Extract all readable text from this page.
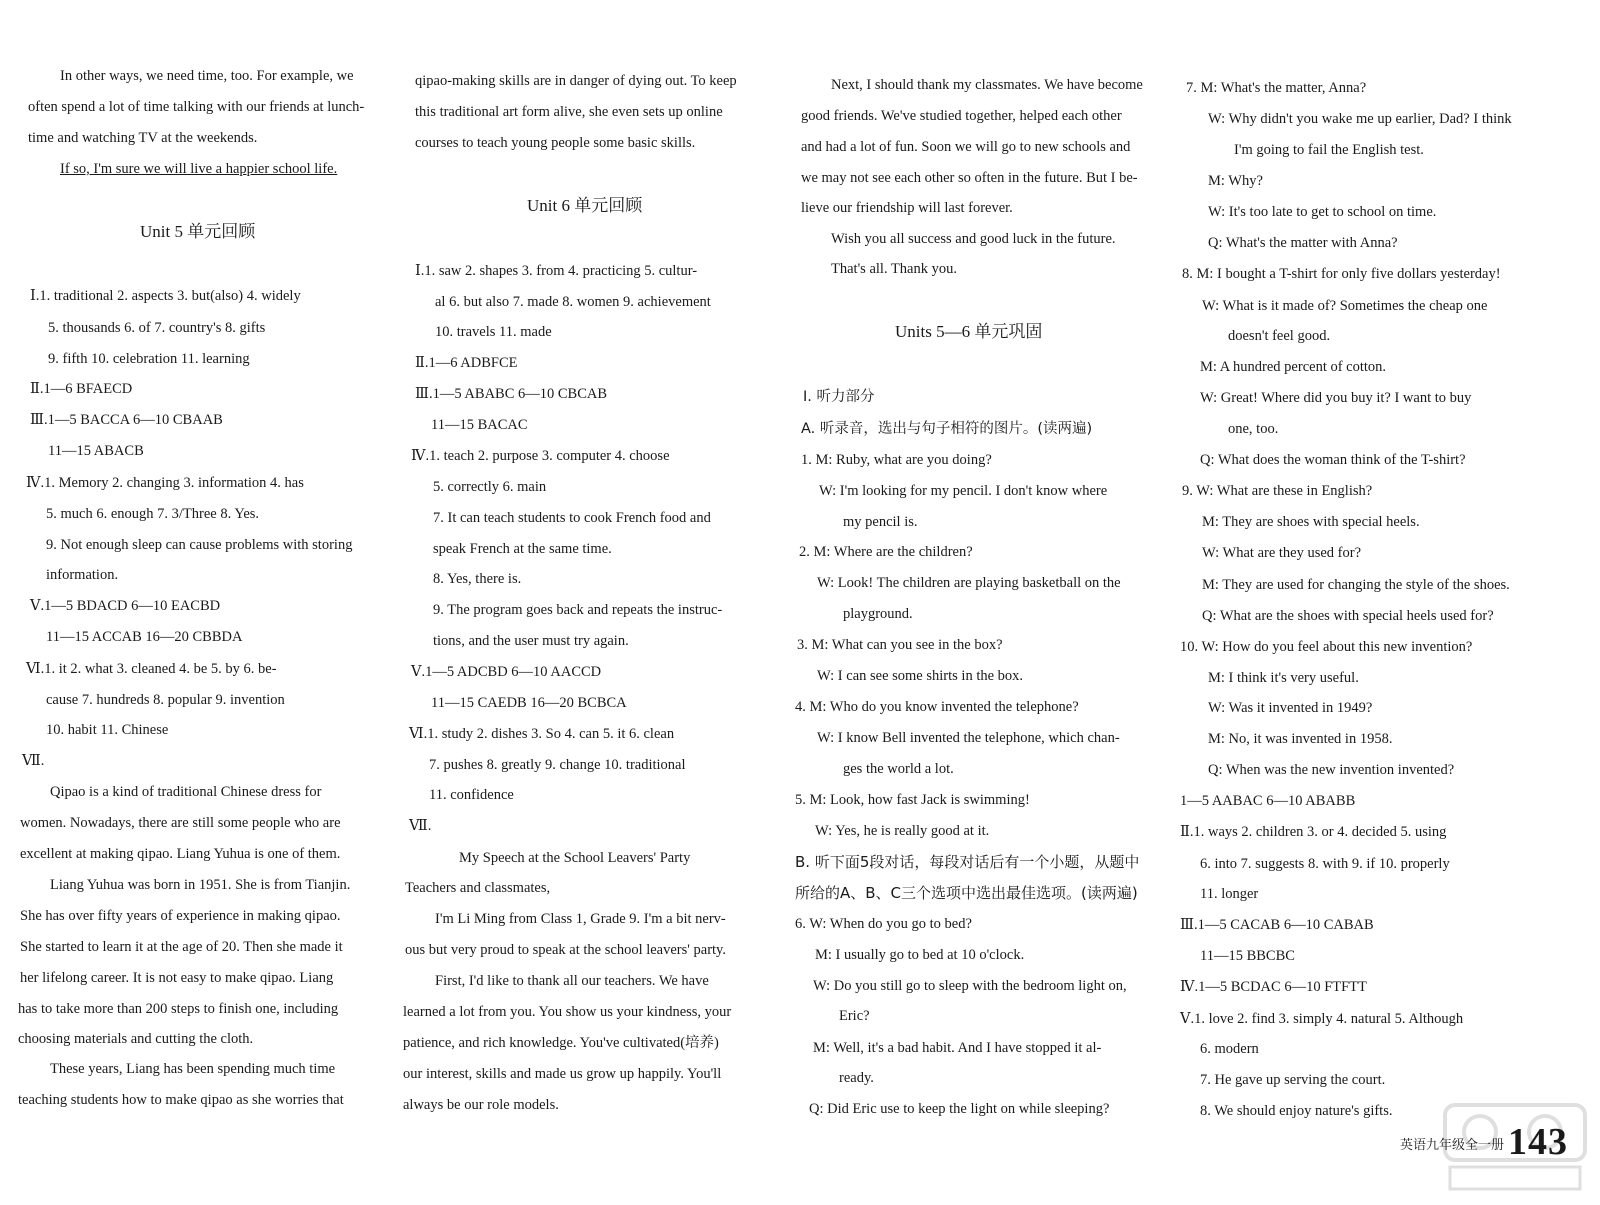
In other ways, we need time, too. For example, we
often spend a lot of time talking with our friends at lunch-
time and watching TV at the weekends.
If so, I'm sure we will live a happier school life.
Unit 5 单元回顾
Ⅰ.1. traditional 2. aspects 3. but(also) 4. widely
5. thousands 6. of 7. country's 8. gifts
9. fifth 10. celebration 11. learning
Ⅱ.1—6 BFAECD
Ⅲ.1—5 BACCA 6—10 CBAAB
11—15 ABACB
Ⅳ.1. Memory 2. changing 3. information 4. has
5. much 6. enough 7. 3/Three 8. Yes.
9. Not enough sleep can cause problems with storing
information.
Ⅴ.1—5 BDACD 6—10 EACBD
11—15 ACCAB 16—20 CBBDA
Ⅵ.1. it 2. what 3. cleaned 4. be 5. by 6. be-
cause 7. hundreds 8. popular 9. invention
10. habit 11. Chinese
Ⅶ.
Qipao is a kind of traditional Chinese dress for
women. Nowadays, there are still some people who are
excellent at making qipao. Liang Yuhua is one of them.
Liang Yuhua was born in 1951. She is from Tianjin.
She has over fifty years of experience in making qipao.
She started to learn it at the age of 20. Then she made it
her lifelong career. It is not easy to make qipao. Liang
has to take more than 200 steps to finish one, including
choosing materials and cutting the cloth.
These years, Liang has been spending much time
teaching students how to make qipao as she worries that
qipao-making skills are in danger of dying out. To keep
this traditional art form alive, she even sets up online
courses to teach young people some basic skills.
Unit 6 单元回顾
Ⅰ.1. saw 2. shapes 3. from 4. practicing 5. cultur-
al 6. but also 7. made 8. women 9. achievement
10. travels 11. made
Ⅱ.1—6 ADBFCE
Ⅲ.1—5 ABABC 6—10 CBCAB
11—15 BACAC
Ⅳ.1. teach 2. purpose 3. computer 4. choose
5. correctly 6. main
7. It can teach students to cook French food and
speak French at the same time.
8. Yes, there is.
9. The program goes back and repeats the instruc-
tions, and the user must try again.
Ⅴ.1—5 ADCBD 6—10 AACCD
11—15 CAEDB 16—20 BCBCA
Ⅵ.1. study 2. dishes 3. So 4. can 5. it 6. clean
7. pushes 8. greatly 9. change 10. traditional
11. confidence
Ⅶ.
My Speech at the School Leavers' Party
Teachers and classmates,
I'm Li Ming from Class 1, Grade 9. I'm a bit nerv-
ous but very proud to speak at the school leavers' party.
First, I'd like to thank all our teachers. We have
learned a lot from you. You show us your kindness, your
patience, and rich knowledge. You've cultivated(培养)
our interest, skills and made us grow up happily. You'll
always be our role models.
Next, I should thank my classmates. We have become
good friends. We've studied together, helped each other
and had a lot of fun. Soon we will go to new schools and
we may not see each other so often in the future. But I be-
lieve our friendship will last forever.
Wish you all success and good luck in the future.
That's all. Thank you.
Units 5—6 单元巩固
Ⅰ. 听力部分
A. 听录音，选出与句子相符的图片。(读两遍)
1. M: Ruby, what are you doing?
W: I'm looking for my pencil. I don't know where
my pencil is.
2. M: Where are the children?
W: Look! The children are playing basketball on the
playground.
3. M: What can you see in the box?
W: I can see some shirts in the box.
4. M: Who do you know invented the telephone?
W: I know Bell invented the telephone, which chan-
ges the world a lot.
5. M: Look, how fast Jack is swimming!
W: Yes, he is really good at it.
B. 听下面5段对话，每段对话后有一个小题，从题中
所给的A、B、C三个选项中选出最佳选项。(读两遍)
6. W: When do you go to bed?
M: I usually go to bed at 10 o'clock.
W: Do you still go to sleep with the bedroom light on,
Eric?
M: Well, it's a bad habit. And I have stopped it al-
ready.
Q: Did Eric use to keep the light on while sleeping?
7. M: What's the matter, Anna?
W: Why didn't you wake me up earlier, Dad? I think
I'm going to fail the English test.
M: Why?
W: It's too late to get to school on time.
Q: What's the matter with Anna?
8. M: I bought a T-shirt for only five dollars yesterday!
W: What is it made of? Sometimes the cheap one
doesn't feel good.
M: A hundred percent of cotton.
W: Great! Where did you buy it? I want to buy
one, too.
Q: What does the woman think of the T-shirt?
9. W: What are these in English?
M: They are shoes with special heels.
W: What are they used for?
M: They are used for changing the style of the shoes.
Q: What are the shoes with special heels used for?
10. W: How do you feel about this new invention?
M: I think it's very useful.
W: Was it invented in 1949?
M: No, it was invented in 1958.
Q: When was the new invention invented?
1—5 AABAC 6—10 ABABB
Ⅱ.1. ways 2. children 3. or 4. decided 5. using
6. into 7. suggests 8. with 9. if 10. properly
11. longer
Ⅲ.1—5 CACAB 6—10 CABAB
11—15 BBCBC
Ⅳ.1—5 BCDAC 6—10 FTFTT
Ⅴ.1. love 2. find 3. simply 4. natural 5. Although
6. modern
7. He gave up serving the court.
8. We should enjoy nature's gifts.
英语九年级全一册 143
